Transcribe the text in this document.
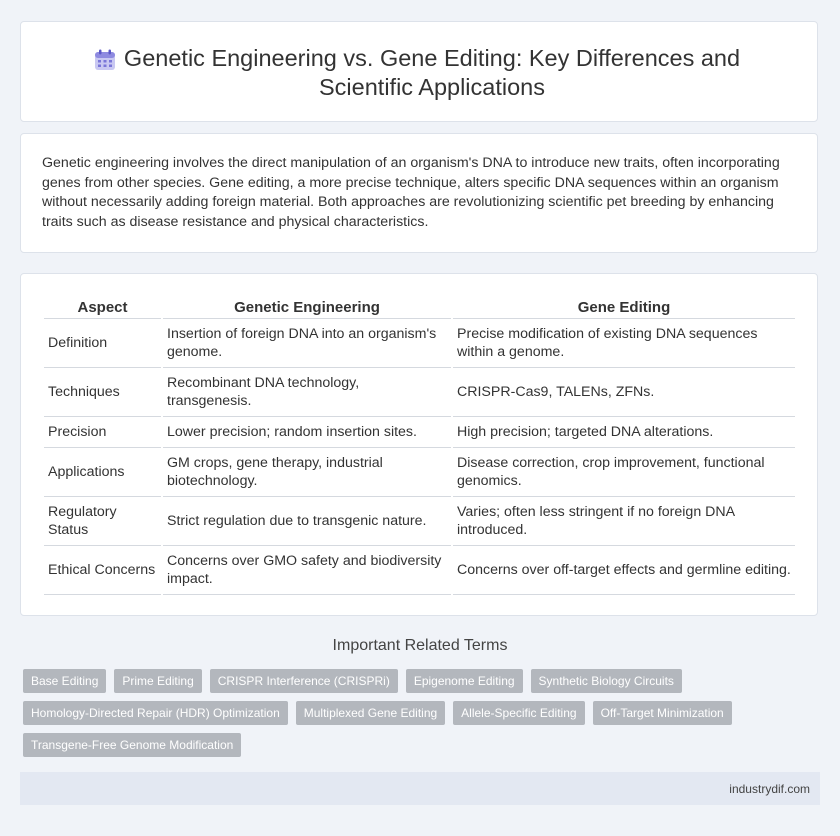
Genetic Engineering vs. Gene Editing: Key Differences and Scientific Applications

Genetic engineering involves the direct manipulation of an organism's DNA to introduce new traits, often incorporating genes from other species. Gene editing, a more precise technique, alters specific DNA sequences within an organism without necessarily adding foreign material. Both approaches are revolutionizing scientific pet breeding by enhancing traits such as disease resistance and physical characteristics.

Aspect	Genetic Engineering	Gene Editing
Definition	Insertion of foreign DNA into an organism's genome.	Precise modification of existing DNA sequences within a genome.
Techniques	Recombinant DNA technology, transgenesis.	CRISPR-Cas9, TALENs, ZFNs.
Precision	Lower precision; random insertion sites.	High precision; targeted DNA alterations.
Applications	GM crops, gene therapy, industrial biotechnology.	Disease correction, crop improvement, functional genomics.
Regulatory Status	Strict regulation due to transgenic nature.	Varies; often less stringent if no foreign DNA introduced.
Ethical Concerns	Concerns over GMO safety and biodiversity impact.	Concerns over off-target effects and germline editing.
Important Related Terms
Base Editing	Prime Editing	CRISPR Interference (CRISPRi)	Epigenome Editing	Synthetic Biology Circuits
Homology-Directed Repair (HDR) Optimization	Multiplexed Gene Editing	Allele-Specific Editing	Off-Target Minimization
Transgene-Free Genome Modification
industrydif.com
